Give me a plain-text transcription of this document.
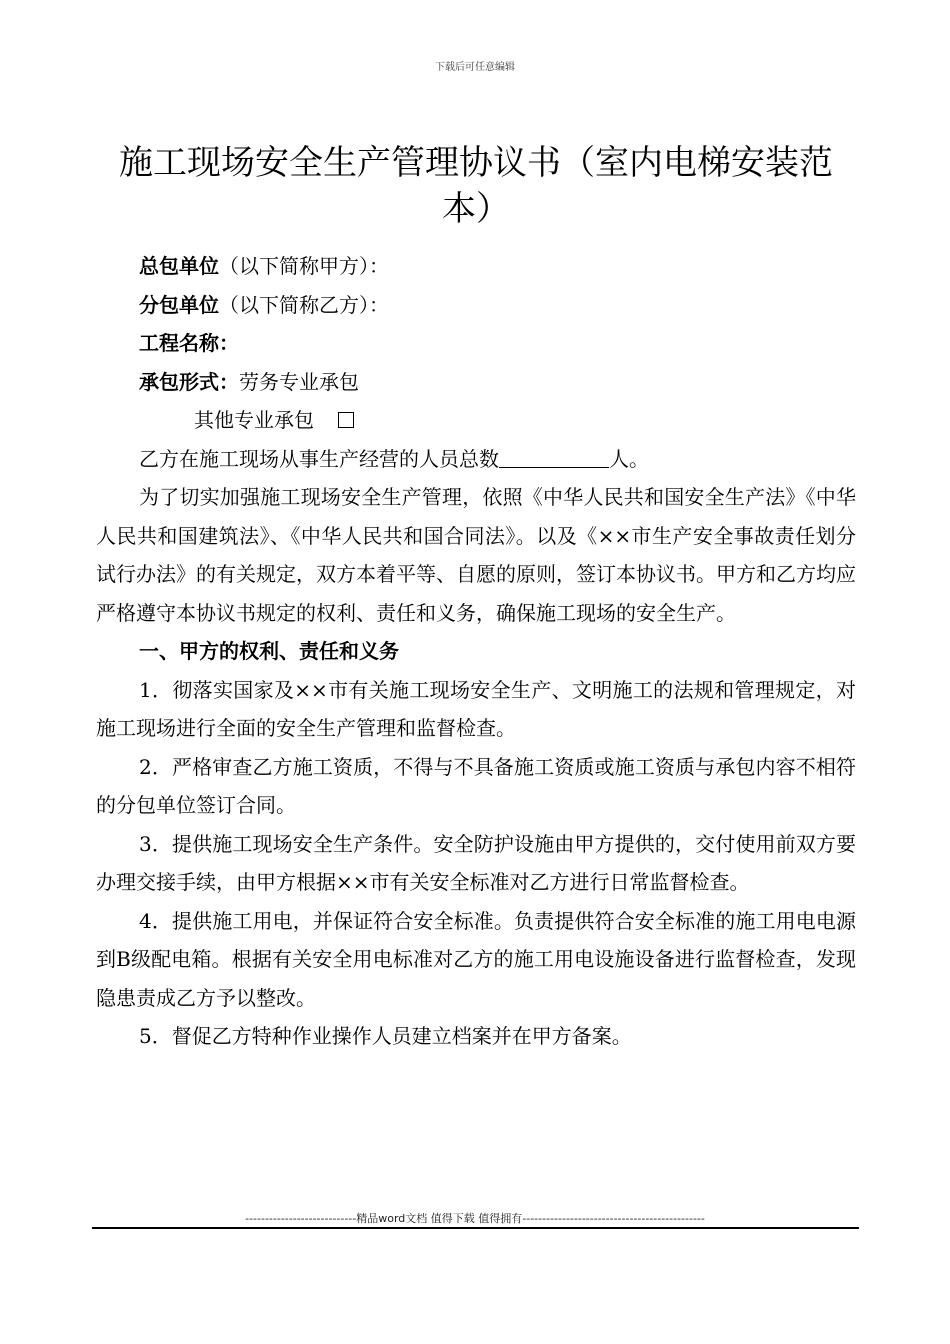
下载后可任意编辑
施工现场安全生产管理协议书（室内电梯安装范本）
总包单位（以下简称甲方）：
分包单位（以下简称乙方）：
工程名称：
承包形式：劳务专业承包
其他专业承包
乙方在施工现场从事生产经营的人员总数	人。

为了切实加强施工现场安全生产管理，依照《中华人民共和国安全生产法》《中华人民共和国建筑法》、《中华人民共和国合同法》。以及《××市生产安全事故责任划分试行办法》的有关规定，双方本着平等、自愿的原则，签订本协议书。甲方和乙方均应严格遵守本协议书规定的权利、责任和义务，确保施工现场的安全生产。

一、甲方的权利、责任和义务

1．彻落实国家及××市有关施工现场安全生产、文明施工的法规和管理规定，对施工现场进行全面的安全生产管理和监督检查。

2．严格审查乙方施工资质，不得与不具备施工资质或施工资质与承包内容不相符的分包单位签订合同。

3．提供施工现场安全生产条件。安全防护设施由甲方提供的，交付使用前双方要办理交接手续，由甲方根据××市有关安全标准对乙方进行日常监督检查。

4．提供施工用电，并保证符合安全标准。负责提供符合安全标准的施工用电电源到B级配电箱。根据有关安全用电标准对乙方的施工用电设施设备进行监督检查，发现隐患责成乙方予以整改。

5．督促乙方特种作业操作人员建立档案并在甲方备案。

----------------------------精品word文档 值得下载 值得拥有----------------------------------------------
